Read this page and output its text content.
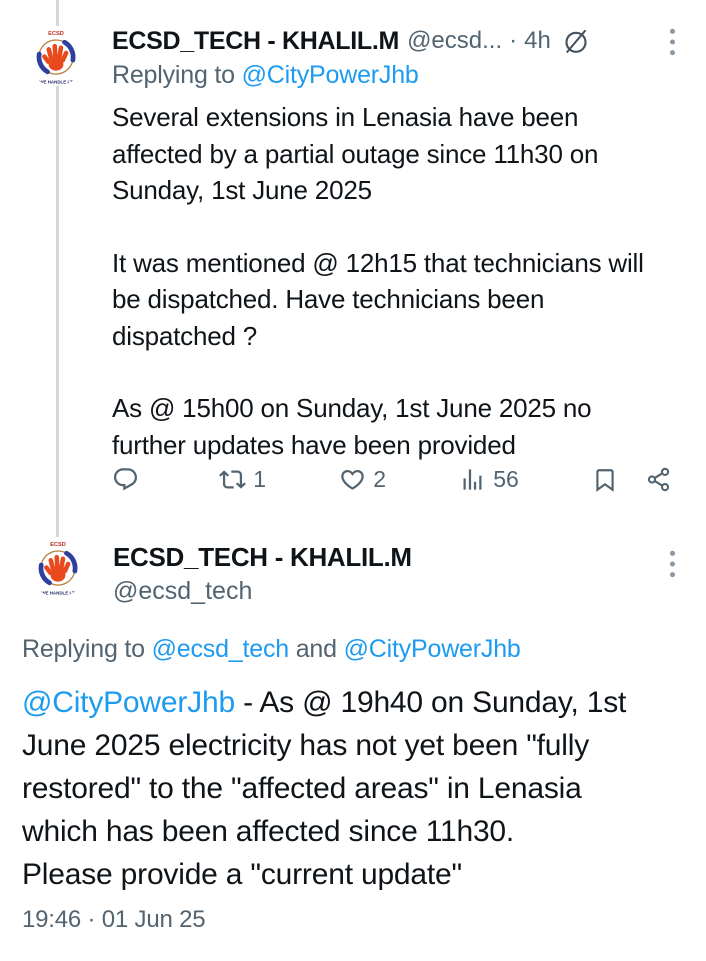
ECSD
WE HANDLE I.T
ECSD_TECH - KHALIL.M @ecsd... · 4h
Replying to @CityPowerJhb
Several extensions in Lenasia have been
affected by a partial outage since 11h30 on
Sunday, 1st June 2025
It was mentioned @ 12h15 that technicians will
be dispatched. Have technicians been
dispatched ?
As @ 15h00 on Sunday, 1st June 2025 no
further updates have been provided
1	2	56
ECSD
WE HANDLE I.T
ECSD_TECH - KHALIL.M
@ecsd_tech
Replying to @ecsd_tech and @CityPowerJhb
@CityPowerJhb - As @ 19h40 on Sunday, 1st
June 2025 electricity has not yet been "fully
restored" to the "affected areas" in Lenasia
which has been affected since 11h30.
Please provide a "current update"
19:46 · 01 Jun 25
